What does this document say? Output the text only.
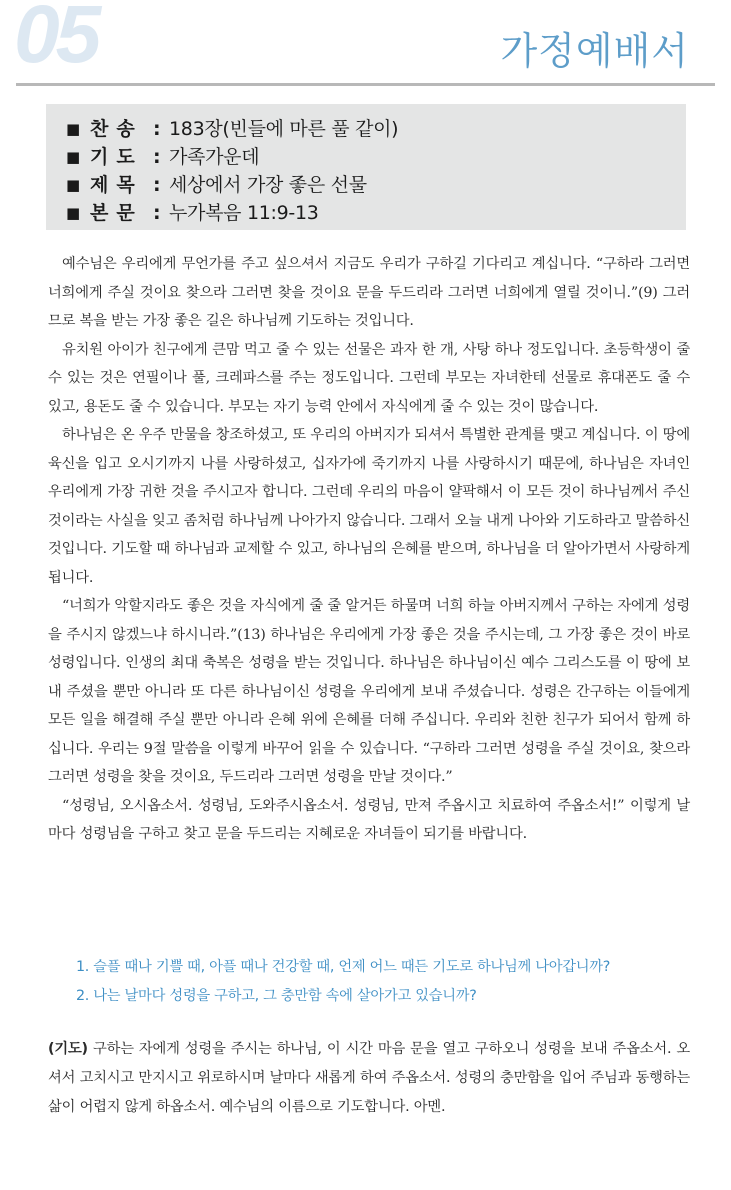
05	가정예배서
■ 찬송 : 183장(빈들에 마른 풀 같이)
■ 기도 : 가족가운데
■ 제목 : 세상에서 가장 좋은 선물
■ 본문 : 누가복음 11:9-13

예수님은 우리에게 무언가를 주고 싶으셔서 지금도 우리가 구하길 기다리고 계십니다. “구하라 그러면 너희에게 주실 것이요 찾으라 그러면 찾을 것이요 문을 두드리라 그러면 너희에게 열릴 것이니.”(9) 그러므로 복을 받는 가장 좋은 길은 하나님께 기도하는 것입니다.

유치원 아이가 친구에게 큰맘 먹고 줄 수 있는 선물은 과자 한 개, 사탕 하나 정도입니다. 초등학생이 줄 수 있는 것은 연필이나 풀, 크레파스를 주는 정도입니다. 그런데 부모는 자녀한테 선물로 휴대폰도 줄 수 있고, 용돈도 줄 수 있습니다. 부모는 자기 능력 안에서 자식에게 줄 수 있는 것이 많습니다.

하나님은 온 우주 만물을 창조하셨고, 또 우리의 아버지가 되셔서 특별한 관계를 맺고 계십니다. 이 땅에 육신을 입고 오시기까지 나를 사랑하셨고, 십자가에 죽기까지 나를 사랑하시기 때문에, 하나님은 자녀인 우리에게 가장 귀한 것을 주시고자 합니다. 그런데 우리의 마음이 얄팍해서 이 모든 것이 하나님께서 주신 것이라는 사실을 잊고 좀처럼 하나님께 나아가지 않습니다. 그래서 오늘 내게 나아와 기도하라고 말씀하신 것입니다. 기도할 때 하나님과 교제할 수 있고, 하나님의 은혜를 받으며, 하나님을 더 알아가면서 사랑하게 됩니다.

“너희가 악할지라도 좋은 것을 자식에게 줄 줄 알거든 하물며 너희 하늘 아버지께서 구하는 자에게 성령을 주시지 않겠느냐 하시니라.”(13) 하나님은 우리에게 가장 좋은 것을 주시는데, 그 가장 좋은 것이 바로 성령입니다. 인생의 최대 축복은 성령을 받는 것입니다. 하나님은 하나님이신 예수 그리스도를 이 땅에 보내 주셨을 뿐만 아니라 또 다른 하나님이신 성령을 우리에게 보내 주셨습니다. 성령은 간구하는 이들에게 모든 일을 해결해 주실 뿐만 아니라 은혜 위에 은혜를 더해 주십니다. 우리와 친한 친구가 되어서 함께 하십니다. 우리는 9절 말씀을 이렇게 바꾸어 읽을 수 있습니다. “구하라 그러면 성령을 주실 것이요, 찾으라 그러면 성령을 찾을 것이요, 두드리라 그러면 성령을 만날 것이다.”

“성령님, 오시옵소서. 성령님, 도와주시옵소서. 성령님, 만져 주옵시고 치료하여 주옵소서!” 이렇게 날마다 성령님을 구하고 찾고 문을 두드리는 지혜로운 자녀들이 되기를 바랍니다.

1. 슬플 때나 기쁠 때, 아플 때나 건강할 때, 언제 어느 때든 기도로 하나님께 나아갑니까?
2. 나는 날마다 성령을 구하고, 그 충만함 속에 살아가고 있습니까?
(기도) 구하는 자에게 성령을 주시는 하나님, 이 시간 마음 문을 열고 구하오니 성령을 보내 주옵소서. 오셔서 고치시고 만지시고 위로하시며 날마다 새롭게 하여 주옵소서. 성령의 충만함을 입어 주님과 동행하는 삶이 어렵지 않게 하옵소서. 예수님의 이름으로 기도합니다. 아멘.
